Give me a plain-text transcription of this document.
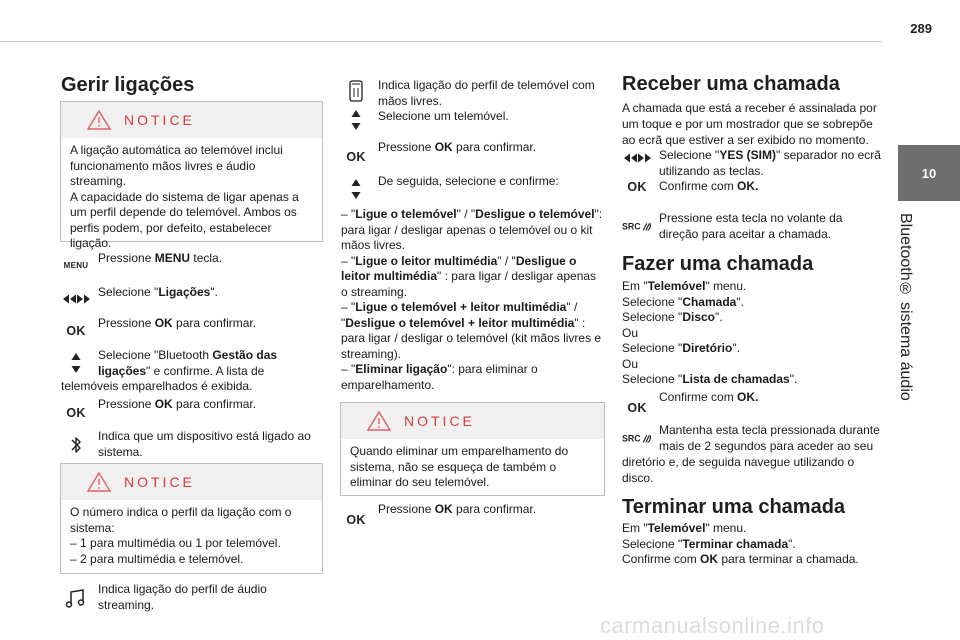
289
10
Bluetooth® sistema áudio
carmanualsonline.info
Gerir ligações
NOTICE
A ligação automática ao telemóvel inclui funcionamento mãos livres e áudio streaming.
A capacidade do sistema de ligar apenas a um perfil depende do telemóvel. Ambos os perfis podem, por defeito, estabelecer ligação.
MENU Pressione MENU tecla.
Selecione "Ligações".
OK
Pressione OK para confirmar.
Selecione "Bluetooth Gestão das ligações" e confirme. A lista de
telemóveis emparelhados é exibida.
OK
Pressione OK para confirmar.
Indica que um dispositivo está ligado ao sistema.
NOTICE
O número indica o perfil da ligação com o sistema:
– 1 para multimédia ou 1 por telemóvel.
– 2 para multimédia e telemóvel.
Indica ligação do perfil de áudio streaming.
Indica ligação do perfil de telemóvel com mãos livres.
Selecione um telemóvel.
OK
Pressione OK para confirmar.
De seguida, selecione e confirme:
– "Ligue o telemóvel" / "Desligue o telemóvel": para ligar / desligar apenas o telemóvel ou o kit mãos livres.
– "Ligue o leitor multimédia" / "Desligue o leitor multimédia" : para ligar / desligar apenas o streaming.
– "Ligue o telemóvel + leitor multimédia" / "Desligue o telemóvel + leitor multimédia" : para ligar / desligar o telemóvel (kit mãos livres e streaming).
– "Eliminar ligação": para eliminar o emparelhamento.
NOTICE
Quando eliminar um emparelhamento do sistema, não se esqueça de também o eliminar do seu telemóvel.
OK
Pressione OK para confirmar.
Receber uma chamada
A chamada que está a receber é assinalada por um toque e por um mostrador que se sobrepõe ao ecrã que estiver a ser exibido no momento.
OK
Selecione "YES (SIM)" separador no ecrã utilizando as teclas.
Confirme com OK.
SRC
Pressione esta tecla no volante da direção para aceitar a chamada.
Fazer uma chamada
Em "Telemóvel" menu.
Selecione "Chamada".
Selecione "Disco".
Ou
Selecione "Diretório".
Ou
Selecione "Lista de chamadas".
OK
Confirme com OK.
SRC
Mantenha esta tecla pressionada durante mais de 2 segundos para aceder ao seu
diretório e, de seguida navegue utilizando o disco.
Terminar uma chamada
Em "Telemóvel" menu.
Selecione "Terminar chamada".
Confirme com OK para terminar a chamada.
